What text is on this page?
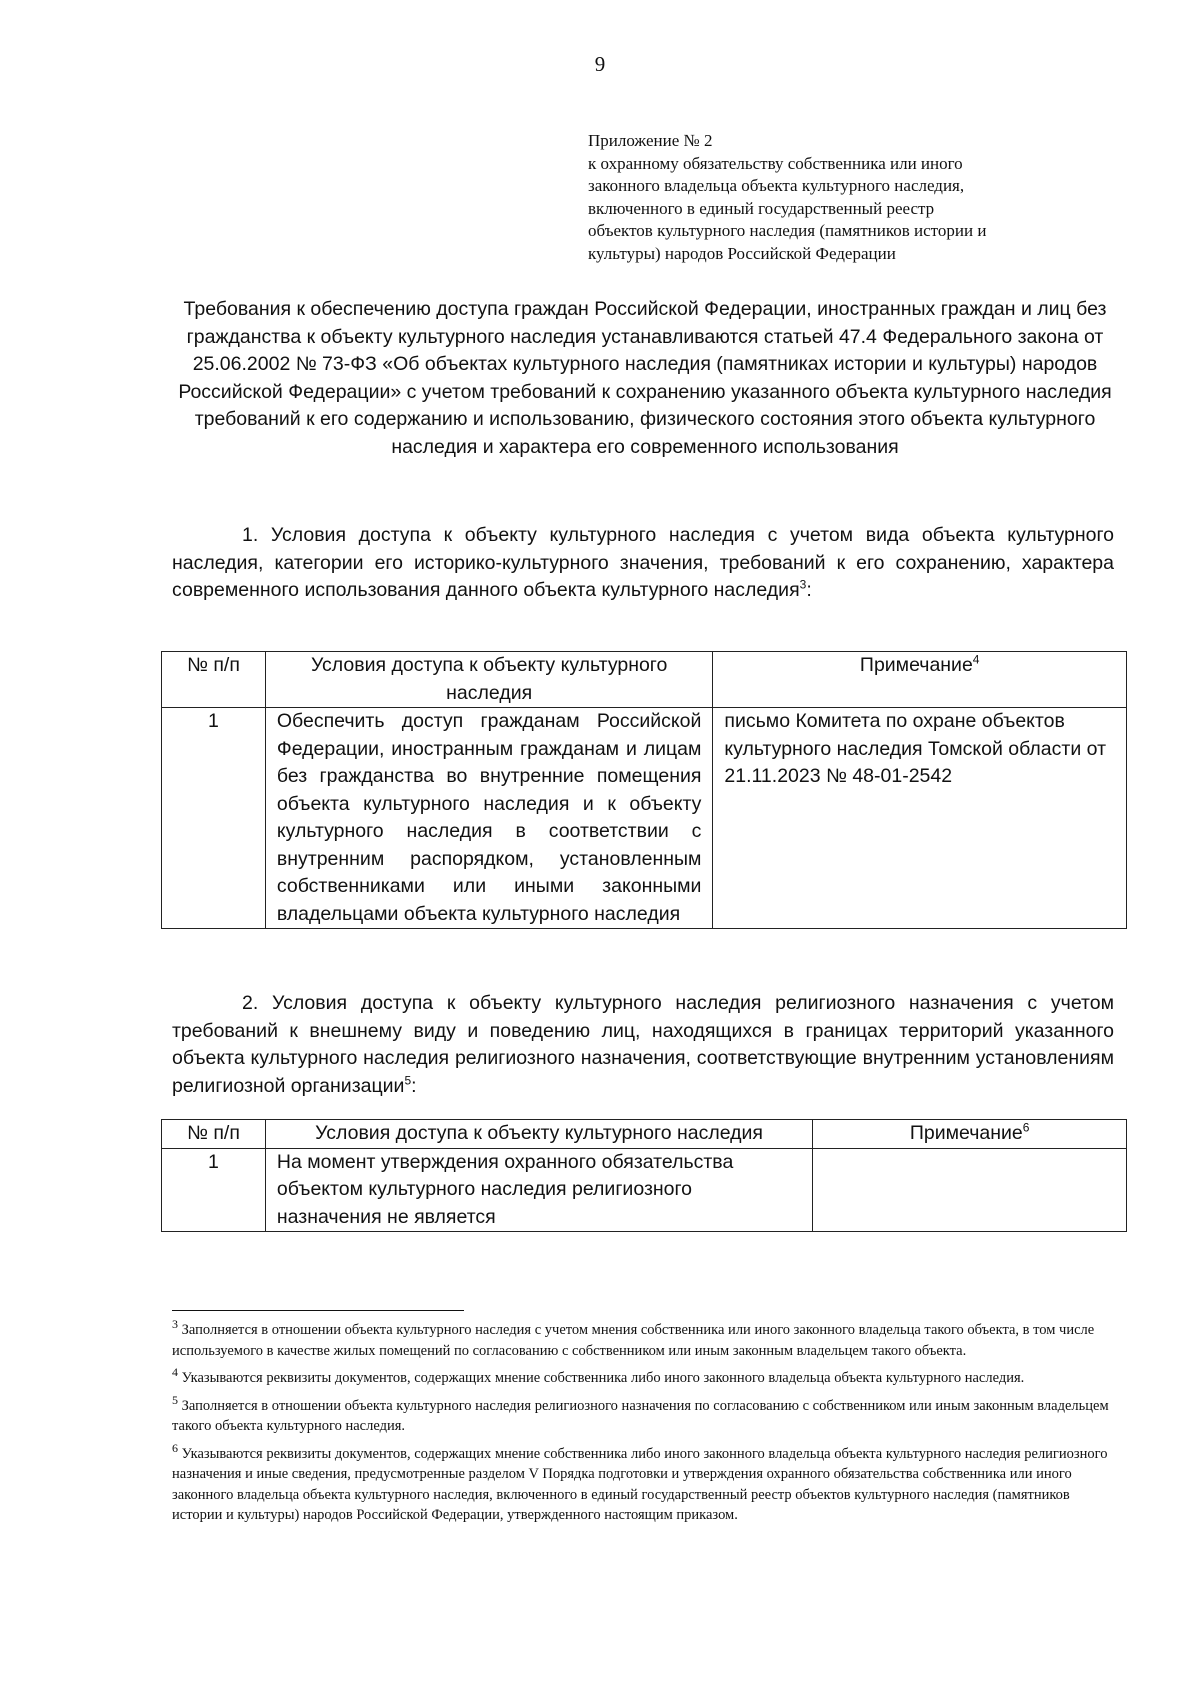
9
Приложение № 2
к охранному обязательству собственника или иного
законного владельца объекта культурного наследия,
включенного в единый государственный реестр
объектов культурного наследия (памятников истории и
культуры) народов Российской Федерации
Требования к обеспечению доступа граждан Российской Федерации, иностранных граждан и лиц без гражданства к объекту культурного наследия устанавливаются статьей 47.4 Федерального закона от 25.06.2002 № 73-ФЗ «Об объектах культурного наследия (памятниках истории и культуры) народов Российской Федерации» с учетом требований к сохранению указанного объекта культурного наследия требований к его содержанию и использованию, физического состояния этого объекта культурного наследия и характера его современного использования
1. Условия доступа к объекту культурного наследия с учетом вида объекта культурного наследия, категории его историко-культурного значения, требований к его сохранению, характера современного использования данного объекта культурного наследия$^3$:
№ п/п	Условия доступа к объекту культурного наследия	Примечание$^4$
1	Обеспечить доступ гражданам Российской Федерации, иностранным гражданам и лицам без гражданства во внутренние помещения объекта культурного наследия и к объекту культурного наследия в соответствии с внутренним распорядком, установленным собственниками или иными законными владельцами объекта культурного наследия	письмо Комитета по охране объектов культурного наследия Томской области от 21.11.2023 № 48-01-2542
2. Условия доступа к объекту культурного наследия религиозного назначения с учетом требований к внешнему виду и поведению лиц, находящихся в границах территорий указанного объекта культурного наследия религиозного назначения, соответствующие внутренним установлениям религиозной организации$^5$:
№ п/п	Условия доступа к объекту культурного наследия	Примечание$^6$
1	На момент утверждения охранного обязательства объектом культурного наследия религиозного назначения не является	

$^3$ Заполняется в отношении объекта культурного наследия с учетом мнения собственника или иного законного владельца такого объекта, в том числе используемого в качестве жилых помещений по согласованию с собственником или иным законным владельцем такого объекта.

$^4$ Указываются реквизиты документов, содержащих мнение собственника либо иного законного владельца объекта культурного наследия.

$^5$ Заполняется в отношении объекта культурного наследия религиозного назначения по согласованию с собственником или иным законным владельцем такого объекта культурного наследия.

$^6$ Указываются реквизиты документов, содержащих мнение собственника либо иного законного владельца объекта культурного наследия религиозного назначения и иные сведения, предусмотренные разделом V Порядка подготовки и утверждения охранного обязательства собственника или иного законного владельца объекта культурного наследия, включенного в единый государственный реестр объектов культурного наследия (памятников истории и культуры) народов Российской Федерации, утвержденного настоящим приказом.
